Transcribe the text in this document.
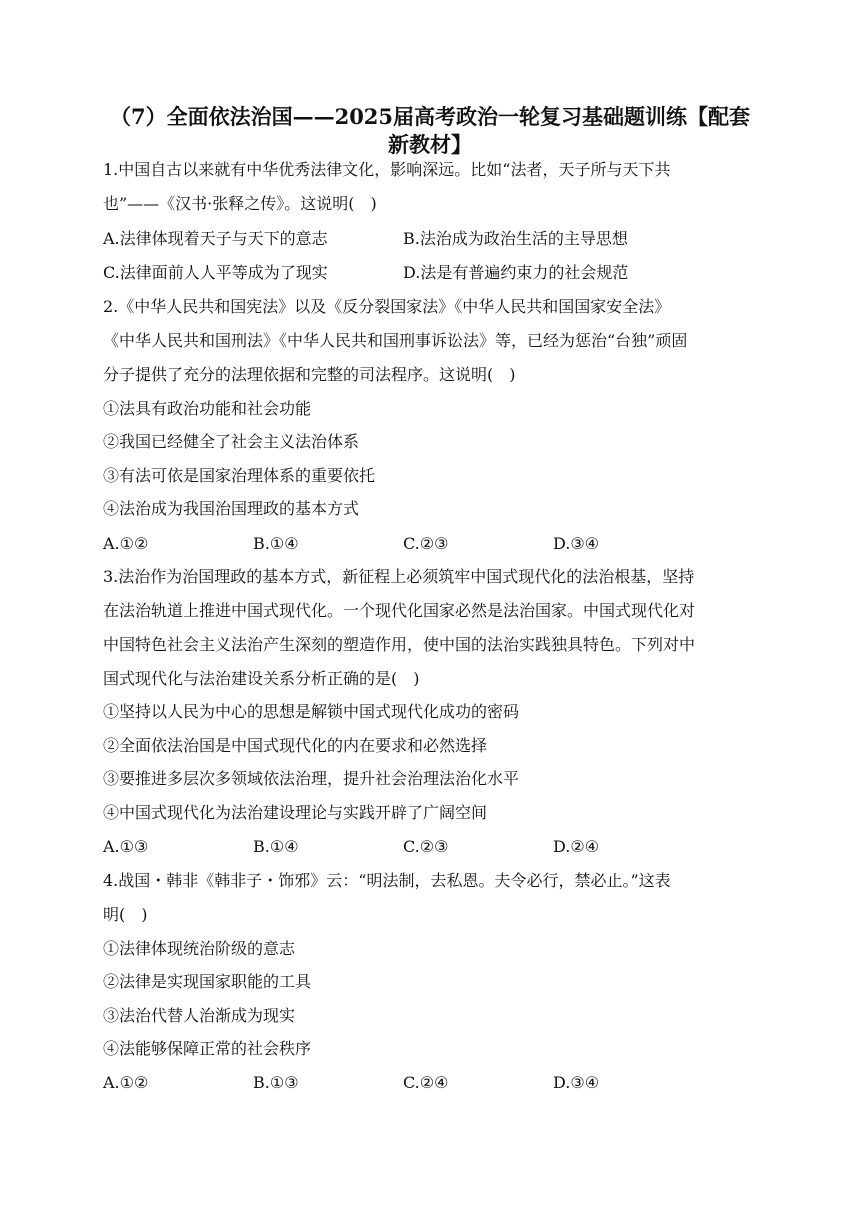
（7）全面依法治国——2025届高考政治一轮复习基础题训练【配套
新教材】
1.中国自古以来就有中华优秀法律文化，影响深远。比如“法者，天子所与天下共
也”——《汉书·张释之传》。这说明(　)
A.法律体现着天子与天下的意志	B.法治成为政治生活的主导思想
C.法律面前人人平等成为了现实	D.法是有普遍约束力的社会规范
2.《中华人民共和国宪法》以及《反分裂国家法》《中华人民共和国国家安全法》
《中华人民共和国刑法》《中华人民共和国刑事诉讼法》等，已经为惩治“台独”顽固
分子提供了充分的法理依据和完整的司法程序。这说明(　)
①法具有政治功能和社会功能
②我国已经健全了社会主义法治体系
③有法可依是国家治理体系的重要依托
④法治成为我国治国理政的基本方式
A.①②	B.①④	C.②③	D.③④
3.法治作为治国理政的基本方式，新征程上必须筑牢中国式现代化的法治根基，坚持
在法治轨道上推进中国式现代化。一个现代化国家必然是法治国家。中国式现代化对
中国特色社会主义法治产生深刻的塑造作用，使中国的法治实践独具特色。下列对中
国式现代化与法治建设关系分析正确的是(　)
①坚持以人民为中心的思想是解锁中国式现代化成功的密码
②全面依法治国是中国式现代化的内在要求和必然选择
③要推进多层次多领域依法治理，提升社会治理法治化水平
④中国式现代化为法治建设理论与实践开辟了广阔空间
A.①③	B.①④	C.②③	D.②④
4.战国・韩非《韩非子・饰邪》云：“明法制，去私恩。夫令必行，禁必止。”这表
明(　)
①法律体现统治阶级的意志
②法律是实现国家职能的工具
③法治代替人治渐成为现实
④法能够保障正常的社会秩序
A.①②	B.①③	C.②④	D.③④
